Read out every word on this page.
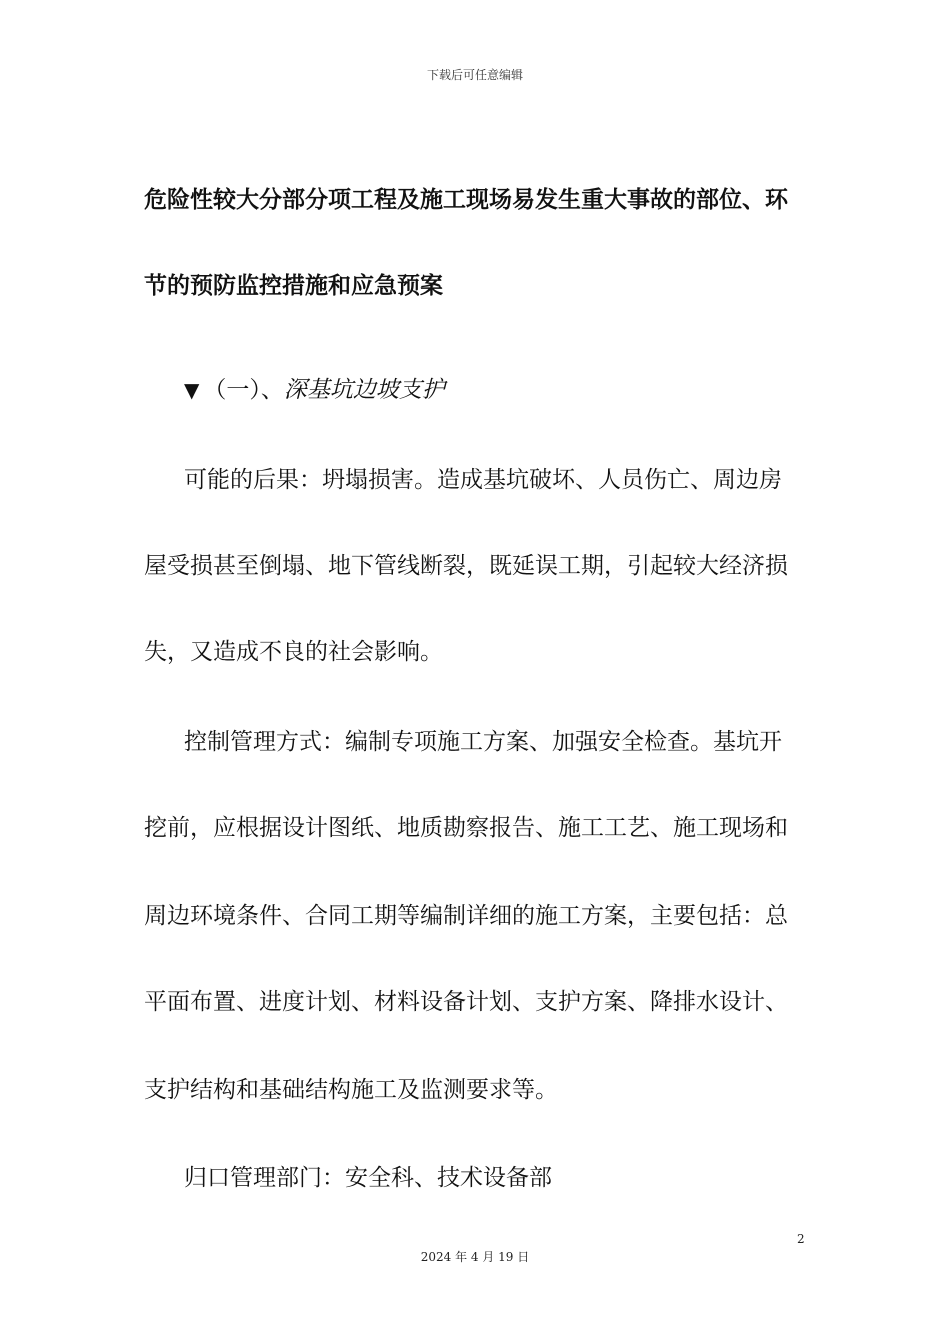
下载后可任意编辑
危险性较大分部分项工程及施工现场易发生重大事故的部位、环
节的预防监控措施和应急预案
▼ （一）、深基坑边坡支护
可能的后果：坍塌损害。造成基坑破坏、人员伤亡、周边房
屋受损甚至倒塌、地下管线断裂，既延误工期，引起较大经济损
失，又造成不良的社会影响。
控制管理方式：编制专项施工方案、加强安全检查。基坑开
挖前，应根据设计图纸、地质勘察报告、施工工艺、施工现场和
周边环境条件、合同工期等编制详细的施工方案，主要包括：总
平面布置、进度计划、材料设备计划、支护方案、降排水设计、
支护结构和基础结构施工及监测要求等。
归口管理部门：安全科、技术设备部
2
2024 年 4 月 19 日
